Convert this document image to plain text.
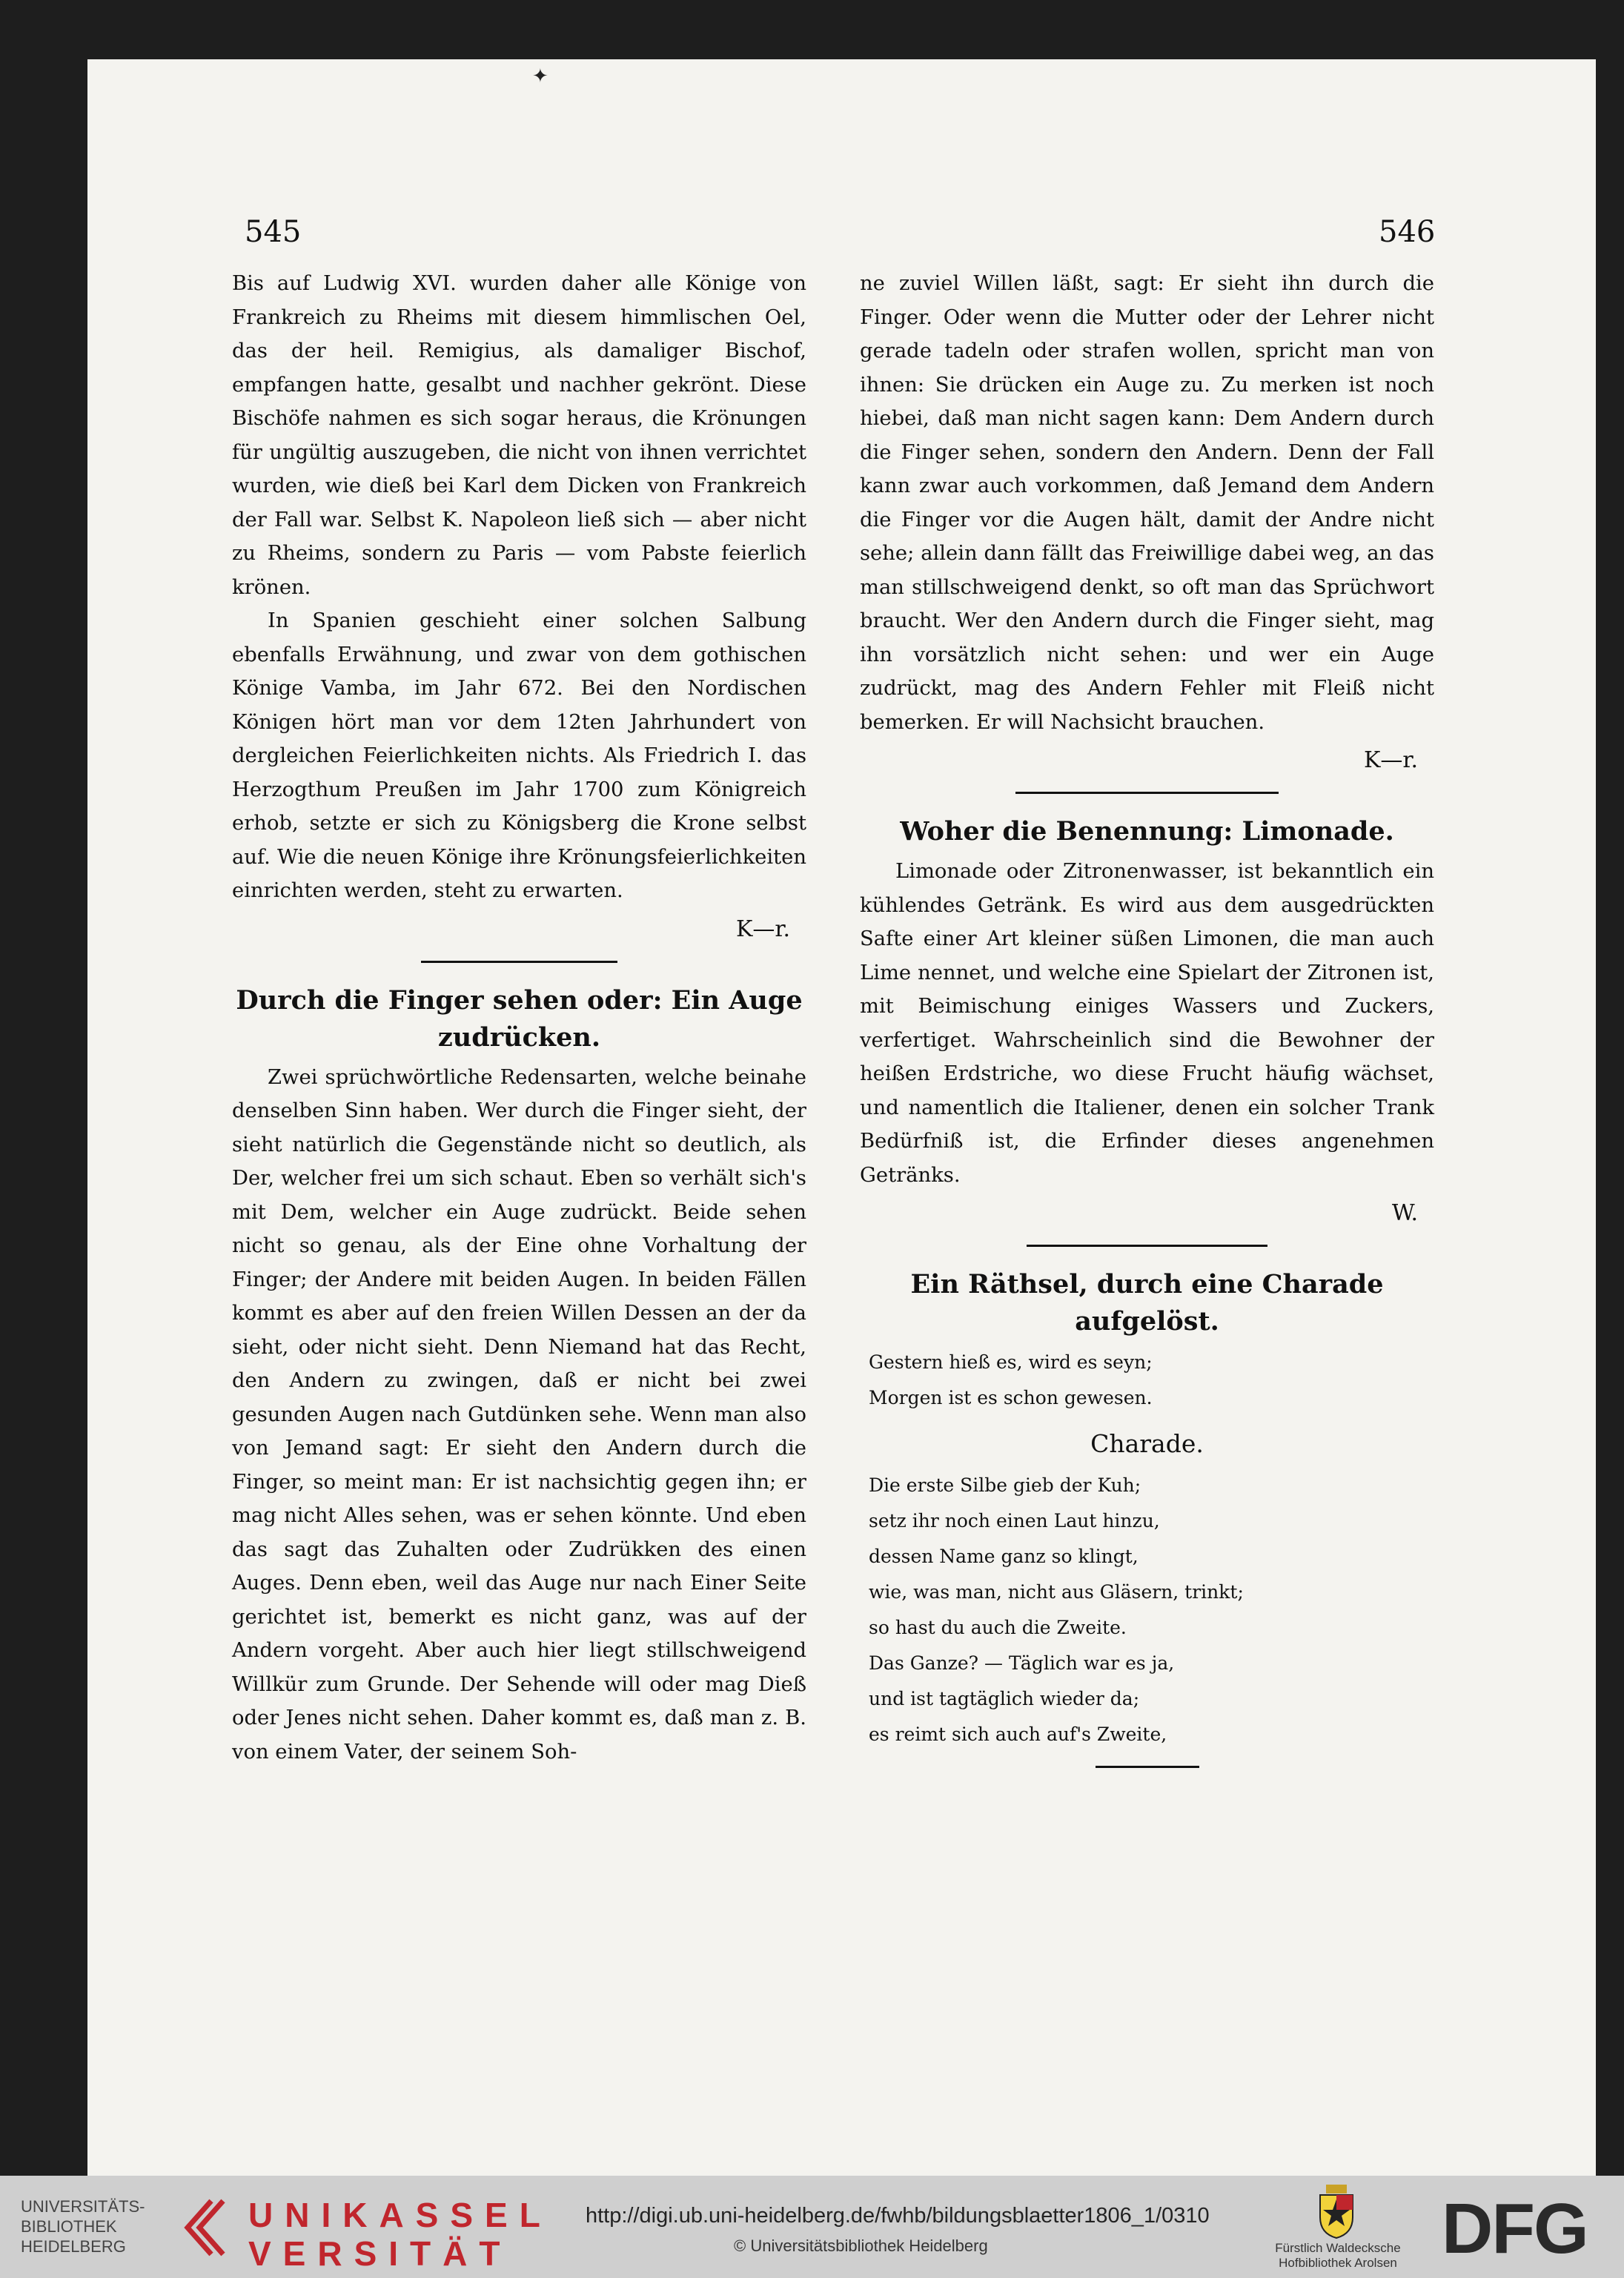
✦
545	546

Bis auf Ludwig XVI. wurden daher alle Könige von Frankreich zu Rheims mit diesem himmlischen Oel, das der heil. Remigius, als damaliger Bischof, empfangen hatte, gesalbt und nachher gekrönt. Diese Bischöfe nahmen es sich sogar heraus, die Krönungen für ungültig auszugeben, die nicht von ihnen verrichtet wurden, wie dieß bei Karl dem Dicken von Frankreich der Fall war. Selbst K. Napoleon ließ sich — aber nicht zu Rheims, sondern zu Paris — vom Pabste feierlich krönen.

In Spanien geschieht einer solchen Salbung ebenfalls Erwähnung, und zwar von dem gothischen Könige Vamba, im Jahr 672. Bei den Nordischen Königen hört man vor dem 12ten Jahrhundert von dergleichen Feierlichkeiten nichts. Als Friedrich I. das Herzogthum Preußen im Jahr 1700 zum Königreich erhob, setzte er sich zu Königsberg die Krone selbst auf. Wie die neuen Könige ihre Krönungsfeierlichkeiten einrichten werden, steht zu erwarten.

K—r.
Durch die Finger sehen oder: Ein Auge zudrücken.

Zwei sprüchwörtliche Redensarten, welche beinahe denselben Sinn haben. Wer durch die Finger sieht, der sieht natürlich die Gegenstände nicht so deutlich, als Der, welcher frei um sich schaut. Eben so verhält sich's mit Dem, welcher ein Auge zudrückt. Beide sehen nicht so genau, als der Eine ohne Vorhaltung der Finger; der Andere mit beiden Augen. In beiden Fällen kommt es aber auf den freien Willen Dessen an der da sieht, oder nicht sieht. Denn Niemand hat das Recht, den Andern zu zwingen, daß er nicht bei zwei gesunden Augen nach Gutdünken sehe. Wenn man also von Jemand sagt: Er sieht den Andern durch die Finger, so meint man: Er ist nachsichtig gegen ihn; er mag nicht Alles sehen, was er sehen könnte. Und eben das sagt das Zuhalten oder Zudrükken des einen Auges. Denn eben, weil das Auge nur nach Einer Seite gerichtet ist, bemerkt es nicht ganz, was auf der Andern vorgeht. Aber auch hier liegt stillschweigend Willkür zum Grunde. Der Sehende will oder mag Dieß oder Jenes nicht sehen. Daher kommt es, daß man z. B. von einem Vater, der seinem Soh-

ne zuviel Willen läßt, sagt: Er sieht ihn durch die Finger. Oder wenn die Mutter oder der Lehrer nicht gerade tadeln oder strafen wollen, spricht man von ihnen: Sie drücken ein Auge zu. Zu merken ist noch hiebei, daß man nicht sagen kann: Dem Andern durch die Finger sehen, sondern den Andern. Denn der Fall kann zwar auch vorkommen, daß Jemand dem Andern die Finger vor die Augen hält, damit der Andre nicht sehe; allein dann fällt das Freiwillige dabei weg, an das man stillschweigend denkt, so oft man das Sprüchwort braucht. Wer den Andern durch die Finger sieht, mag ihn vorsätzlich nicht sehen: und wer ein Auge zudrückt, mag des Andern Fehler mit Fleiß nicht bemerken. Er will Nachsicht brauchen.

K—r.
Woher die Benennung: Limonade.

Limonade oder Zitronenwasser, ist bekanntlich ein kühlendes Getränk. Es wird aus dem ausgedrückten Safte einer Art kleiner süßen Limonen, die man auch Lime nennet, und welche eine Spielart der Zitronen ist, mit Beimischung einiges Wassers und Zuckers, verfertiget. Wahrscheinlich sind die Bewohner der heißen Erdstriche, wo diese Frucht häufig wächset, und namentlich die Italiener, denen ein solcher Trank Bedürfniß ist, die Erfinder dieses angenehmen Getränks.

W.
Ein Räthsel, durch eine Charade aufgelöst.

Gestern hieß es, wird es seyn;

Morgen ist es schon gewesen.

Charade.

Die erste Silbe gieb der Kuh;

setz ihr noch einen Laut hinzu,

dessen Name ganz so klingt,

wie, was man, nicht aus Gläsern, trinkt;

so hast du auch die Zweite.

Das Ganze? — Täglich war es ja,

und ist tagtäglich wieder da;

es reimt sich auch auf's Zweite,

UNIVERSITÄTS-
BIBLIOTHEK
HEIDELBERG
UNIKASSEL
VERSITÄT
http://digi.ub.uni-heidelberg.de/fwhb/bildungsblaetter1806_1/0310
© Universitätsbibliothek Heidelberg	Fürstlich Waldecksche
Hofbibliothek Arolsen DFG
